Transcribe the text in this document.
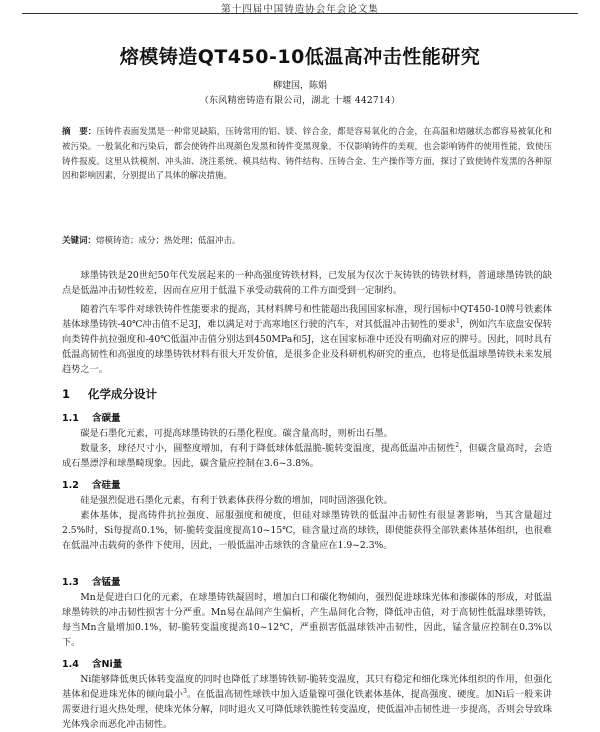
第十四届中国铸造协会年会论文集
熔模铸造QT450-10低温高冲击性能研究
柳建国，陈娟
（东风精密铸造有限公司，湖北 十堰 442714）
摘　要：压铸件表面发黑是一种常见缺陷，压铸常用的铝、镁、锌合金，都是容易氧化的合金，在高温和熔融状态都容易被氧化和被污染。一般氧化和污染后，都会使铸件出现颜色发黑和铸件变黑现象，不仅影响铸件的美观，也会影响铸件的使用性能，致使压铸件报废。这里从铁模剂、冲头油、浇注系统、模具结构、铸件结构、压铸合金、生产操作等方面，探讨了致使铸件发黑的各种原因和影响因素，分别提出了具体的解决措施。
关键词：熔模铸造；成分；热处理；低温冲击。
球墨铸铁是20世纪50年代发展起来的一种高强度铸铁材料，已发展为仅次于灰铸铁的铸铁材料，普通球墨铸铁的缺点是低温冲击韧性较差，因而在应用于低温下承受动载荷的工件方面受到一定制约。
随着汽车零件对球铁铸件性能要求的提高，其材料牌号和性能超出我国国家标准，现行国标中QT450-10牌号铁素体基体球墨铸铁-40℃冲击值不足3J，难以满足对于高寒地区行驶的汽车，对其低温冲击韧性的要求$^1$，例如汽车底盘安保转向类铸件抗拉强度和-40℃低温冲击值分别达到450MPa和5J，这在国家标准中还没有明确对应的牌号。因此，同时具有低温高韧性和高强度的球墨铸铁材料有很大开发价值，是很多企业及科研机构研究的重点，也将是低温球墨铸铁未来发展趋势之一。
1 化学成分设计
1.1 含碳量
碳是石墨化元素，可提高球墨铸铁的石墨化程度。碳含量高时，则析出石墨。
数量多，球径尺寸小，圆整度增加，有利于降低球体低温脆-脆转变温度，提高低温冲击韧性$^2$，但碳含量高时，会造成石墨漂浮和球墨畸现象。因此，碳含量应控制在3.6~3.8%。
1.2 含硅量
硅是强烈促进石墨化元素，有利于铁素体获得分数的增加，同时固溶强化铁。
素体基体，提高铸件抗拉强度、屈服强度和硬度，但硅对球墨铸铁的低温冲击韧性有很显著影响，当其含量超过2.5%时，Si每提高0.1%，韧-脆转变温度提高10~15℃，硅含量过高的球铁，即使能获得全部铁素体基体组织，也很难在低温冲击载荷的条件下使用，因此，一般低温冲击球铁的含量应在1.9~2.3%。
1.3 含锰量
Mn是促进白口化的元素，在球墨铸铁凝固时，增加白口和碳化物倾向，强烈促进球珠光体和渗碳体的形成，对低温球墨铸铁的冲击韧性损害十分严重。Mn易在晶间产生偏析，产生晶间化合物，降低冲击值，对于高韧性低温球墨铸铁，每当Mn含量增加0.1%，韧-脆转变温度提高10~12℃，严重损害低温球铁冲击韧性，因此，锰含量应控制在0.3%以下。
1.4 含Ni量
Ni能够降低奥氏体转变温度的同时也降低了球墨铸铁韧-脆转变温度，其只有稳定和细化珠光体组织的作用，但强化基体和促进珠光体的倾向最小$^3$。在低温高韧性球铁中加入适量镍可强化铁素体基体，提高强度、硬度。加Ni后一般来讲需要进行退火热处理，使珠光体分解，同时退火又可降低球铁脆性转变温度，使低温冲击韧性进一步提高，否则会导致珠光体残余而恶化冲击韧性。
